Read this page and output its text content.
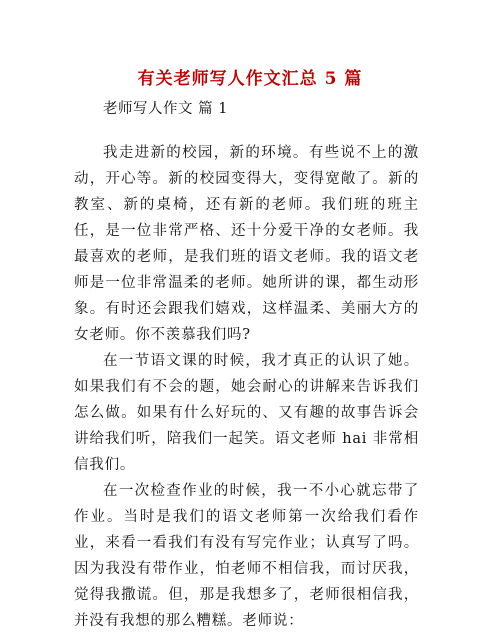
有关老师写人作文汇总 5 篇
老师写人作文 篇 1

我走进新的校园，新的环境。有些说不上的激动，开心等。新的校园变得大，变得宽敞了。新的教室、新的桌椅，还有新的老师。我们班的班主任，是一位非常严格、还十分爱干净的女老师。我最喜欢的老师，是我们班的语文老师。我的语文老师是一位非常温柔的老师。她所讲的课，都生动形象。有时还会跟我们嬉戏，这样温柔、美丽大方的女老师。你不羡慕我们吗?

在一节语文课的时候，我才真正的认识了她。如果我们有不会的题，她会耐心的讲解来告诉我们怎么做。如果有什么好玩的、又有趣的故事告诉会讲给我们听，陪我们一起笑。语文老师 hai 非常相信我们。

在一次检查作业的时候，我一不小心就忘带了作业。当时是我们的语文老师第一次给我们看作业，来看一看我们有没有写完作业；认真写了吗。因为我没有带作业，怕老师不相信我，而讨厌我，觉得我撒谎。但，那是我想多了，老师很相信我，并没有我想的那么糟糕。老师说：
